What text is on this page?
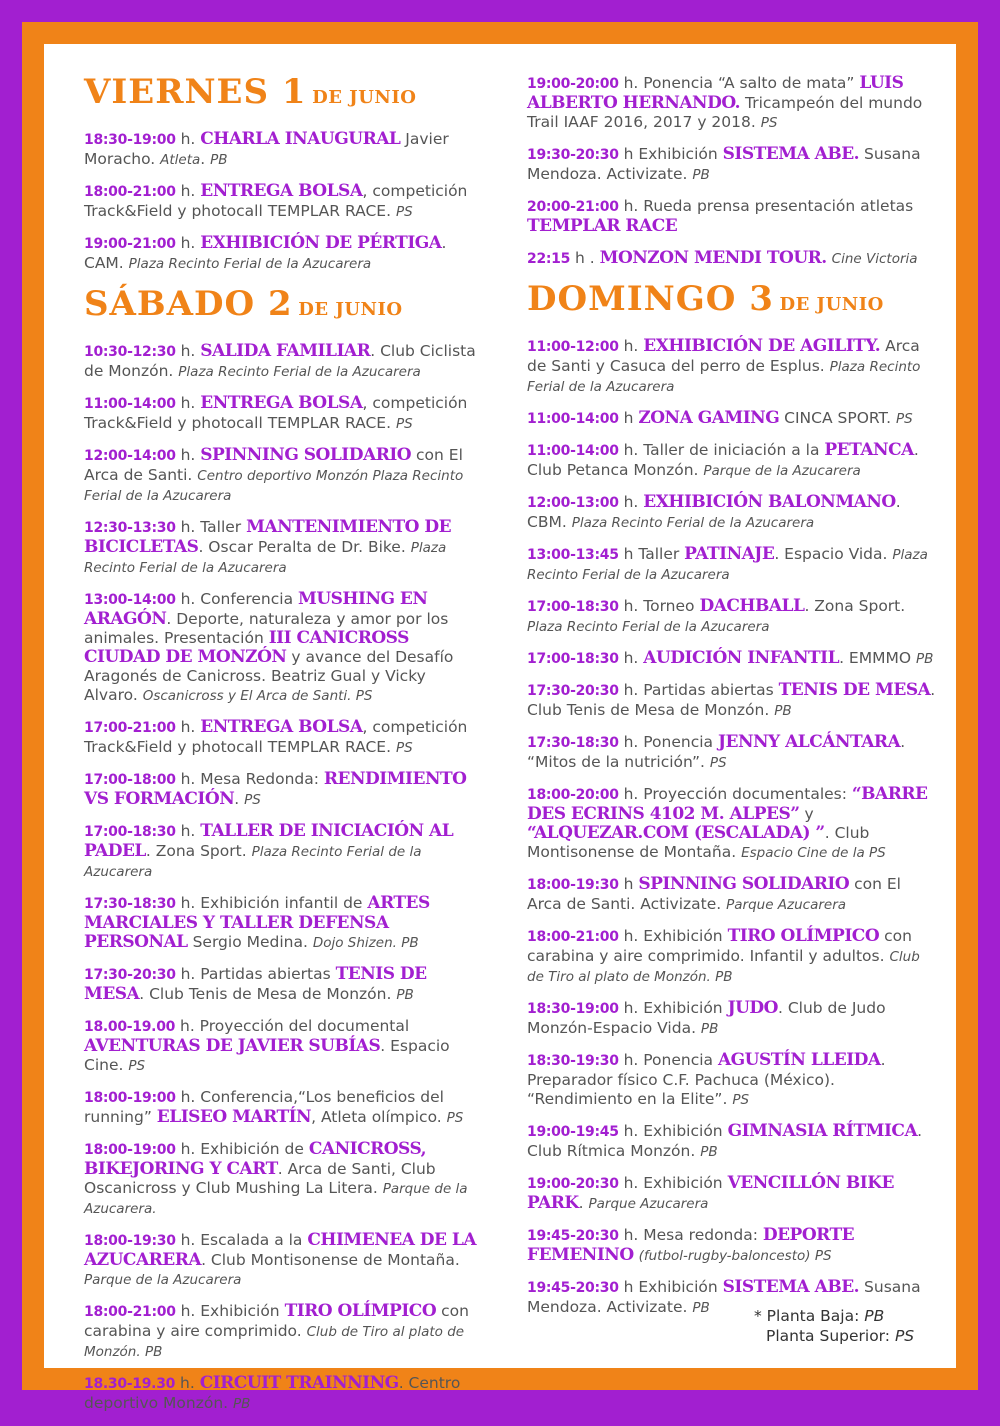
VIERNES 1 DE JUNIO
18:30-19:00 h. CHARLA INAUGURAL Javier Moracho. Atleta. PB
18:00-21:00 h. ENTREGA BOLSA, competición Track&Field y photocall TEMPLAR RACE. PS
19:00-21:00 h. EXHIBICIÓN DE PÉRTIGA. CAM. Plaza Recinto Ferial de la Azucarera
SÁBADO 2 DE JUNIO
10:30-12:30 h. SALIDA FAMILIAR. Club Ciclista de Monzón. Plaza Recinto Ferial de la Azucarera
11:00-14:00 h. ENTREGA BOLSA, competición Track&Field y photocall TEMPLAR RACE. PS
12:00-14:00 h. SPINNING SOLIDARIO con El Arca de Santi. Centro deportivo Monzón Plaza Recinto Ferial de la Azucarera
12:30-13:30 h. Taller MANTENIMIENTO DE BICICLETAS. Oscar Peralta de Dr. Bike. Plaza Recinto Ferial de la Azucarera
13:00-14:00 h. Conferencia MUSHING EN ARAGÓN. Deporte, naturaleza y amor por los animales. Presentación III CANICROSS CIUDAD DE MONZÓN y avance del Desafío Aragonés de Canicross. Beatriz Gual y Vicky Alvaro. Oscanicross y El Arca de Santi. PS
17:00-21:00 h. ENTREGA BOLSA, competición Track&Field y photocall TEMPLAR RACE. PS
17:00-18:00 h. Mesa Redonda: RENDIMIENTO VS FORMACIÓN. PS
17:00-18:30 h. TALLER DE INICIACIÓN AL PADEL. Zona Sport. Plaza Recinto Ferial de la Azucarera
17:30-18:30 h. Exhibición infantil de ARTES MARCIALES Y TALLER DEFENSA PERSONAL Sergio Medina. Dojo Shizen. PB
17:30-20:30 h. Partidas abiertas TENIS DE MESA. Club Tenis de Mesa de Monzón. PB
18.00-19.00 h. Proyección del documental AVENTURAS DE JAVIER SUBÍAS. Espacio Cine. PS
18:00-19:00 h. Conferencia,“Los beneficios del running” ELISEO MARTÍN, Atleta olímpico. PS
18:00-19:00 h. Exhibición de CANICROSS, BIKEJORING Y CART. Arca de Santi, Club Oscanicross y Club Mushing La Litera. Parque de la Azucarera.
18:00-19:30 h. Escalada a la CHIMENEA DE LA AZUCARERA. Club Montisonense de Montaña. Parque de la Azucarera
18:00-21:00 h. Exhibición TIRO OLÍMPICO con carabina y aire comprimido. Club de Tiro al plato de Monzón. PB
18.30-19.30 h. CIRCUIT TRAINNING. Centro deportivo Monzón. PB
19:00-20:00 h. Ponencia “A salto de mata” LUIS ALBERTO HERNANDO. Tricampeón del mundo Trail IAAF 2016, 2017 y 2018. PS
19:30-20:30 h Exhibición SISTEMA ABE. Susana Mendoza. Activizate. PB
20:00-21:00 h. Rueda prensa presentación atletas TEMPLAR RACE
22:15 h . MONZON MENDI TOUR. Cine Victoria
DOMINGO 3 DE JUNIO
11:00-12:00 h. EXHIBICIÓN DE AGILITY. Arca de Santi y Casuca del perro de Esplus. Plaza Recinto Ferial de la Azucarera
11:00-14:00 h ZONA GAMING CINCA SPORT. PS
11:00-14:00 h. Taller de iniciación a la PETANCA. Club Petanca Monzón. Parque de la Azucarera
12:00-13:00 h. EXHIBICIÓN BALONMANO. CBM. Plaza Recinto Ferial de la Azucarera
13:00-13:45 h Taller PATINAJE. Espacio Vida. Plaza Recinto Ferial de la Azucarera
17:00-18:30 h. Torneo DACHBALL. Zona Sport. Plaza Recinto Ferial de la Azucarera
17:00-18:30 h. AUDICIÓN INFANTIL. EMMMO PB
17:30-20:30 h. Partidas abiertas TENIS DE MESA. Club Tenis de Mesa de Monzón. PB
17:30-18:30 h. Ponencia JENNY ALCÁNTARA. “Mitos de la nutrición”. PS
18:00-20:00 h. Proyección documentales: “BARRE DES ECRINS 4102 M. ALPES” y “ALQUEZAR.COM (ESCALADA) ”. Club Montisonense de Montaña. Espacio Cine de la PS
18:00-19:30 h SPINNING SOLIDARIO con El Arca de Santi. Activizate. Parque Azucarera
18:00-21:00 h. Exhibición TIRO OLÍMPICO con carabina y aire comprimido. Infantil y adultos. Club de Tiro al plato de Monzón. PB
18:30-19:00 h. Exhibición JUDO. Club de Judo Monzón-Espacio Vida. PB
18:30-19:30 h. Ponencia AGUSTÍN LLEIDA. Preparador físico C.F. Pachuca (México). “Rendimiento en la Elite”. PS
19:00-19:45 h. Exhibición GIMNASIA RÍTMICA. Club Rítmica Monzón. PB
19:00-20:30 h. Exhibición VENCILLÓN BIKE PARK. Parque Azucarera
19:45-20:30 h. Mesa redonda: DEPORTE FEMENINO (futbol-rugby-baloncesto) PS
19:45-20:30 h Exhibición SISTEMA ABE. Susana Mendoza. Activizate. PB	* Planta Baja: PB
Planta Superior: PS
